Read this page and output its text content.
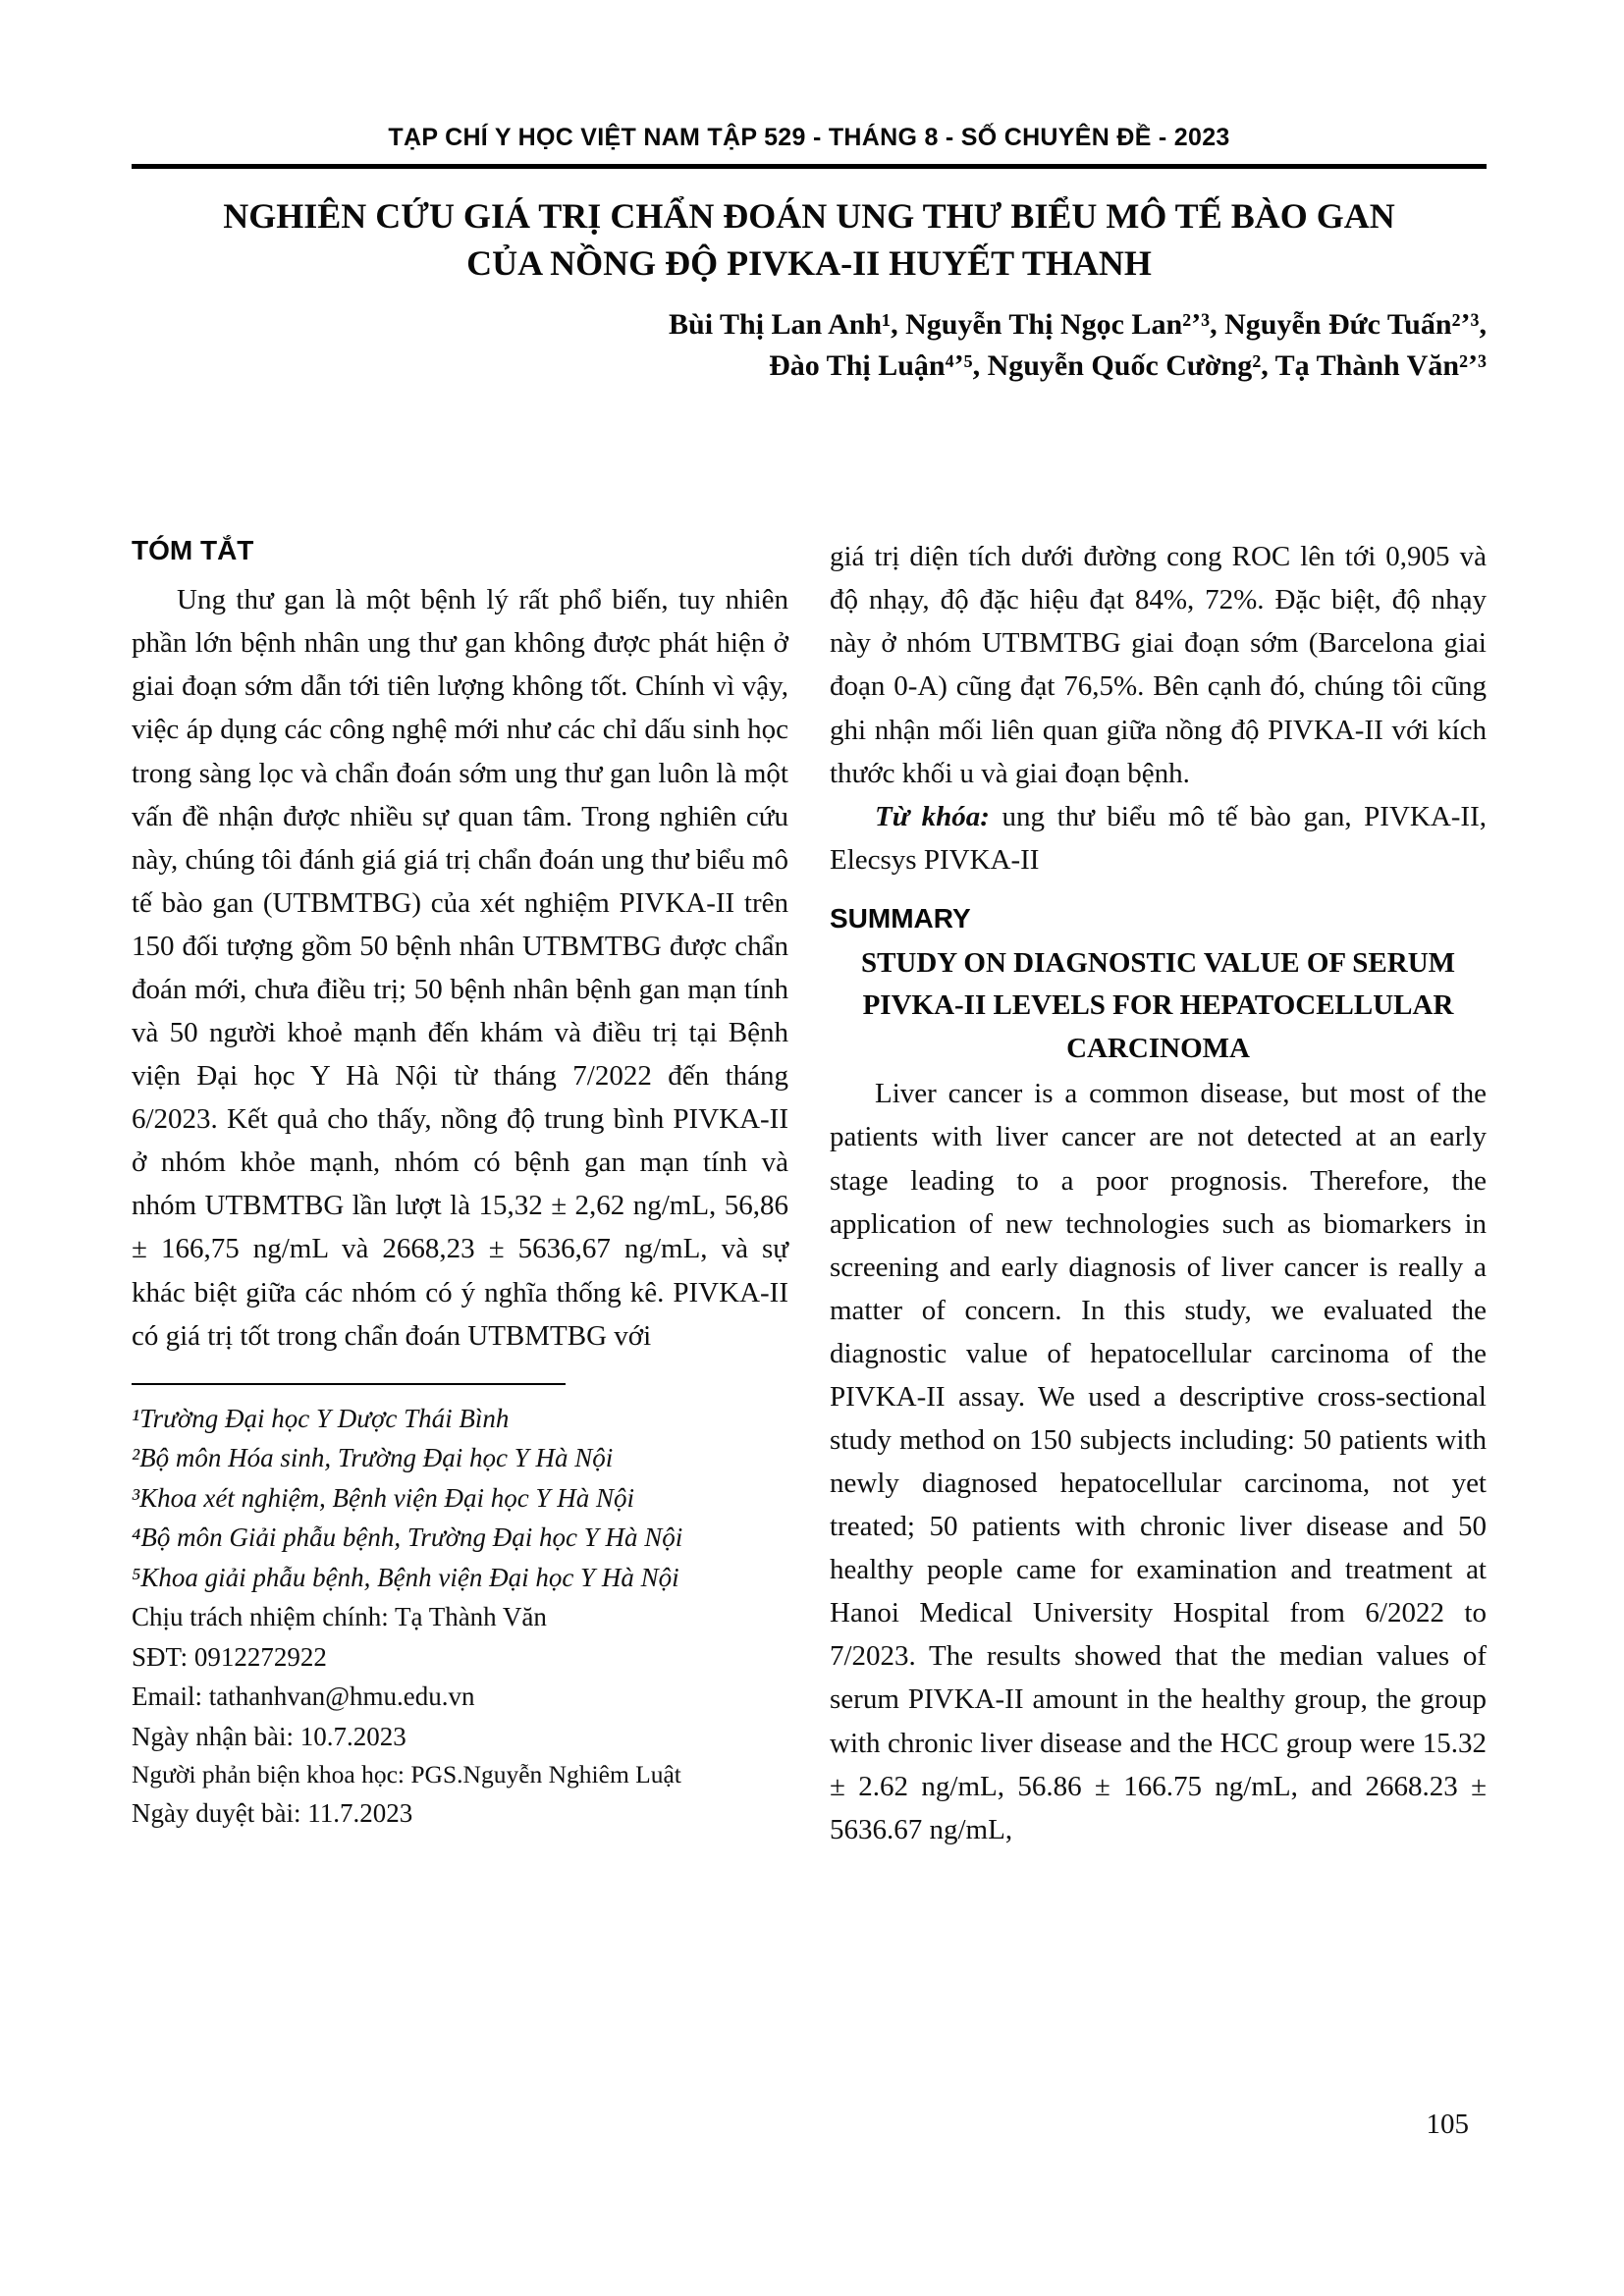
TẠP CHÍ Y HỌC VIỆT NAM TẬP 529 - THÁNG 8 - SỐ CHUYÊN ĐỀ - 2023
NGHIÊN CỨU GIÁ TRỊ CHẨN ĐOÁN UNG THƯ BIỂU MÔ TẾ BÀO GAN
CỦA NỒNG ĐỘ PIVKA-II HUYẾT THANH
Bùi Thị Lan Anh¹, Nguyễn Thị Ngọc Lan²ʼ³, Nguyễn Đức Tuấn²ʼ³,
Đào Thị Luận⁴ʼ⁵, Nguyễn Quốc Cường², Tạ Thành Văn²ʼ³
TÓM TẮT

Ung thư gan là một bệnh lý rất phổ biến, tuy nhiên phần lớn bệnh nhân ung thư gan không được phát hiện ở giai đoạn sớm dẫn tới tiên lượng không tốt. Chính vì vậy, việc áp dụng các công nghệ mới như các chỉ dấu sinh học trong sàng lọc và chẩn đoán sớm ung thư gan luôn là một vấn đề nhận được nhiều sự quan tâm. Trong nghiên cứu này, chúng tôi đánh giá giá trị chẩn đoán ung thư biểu mô tế bào gan (UTBMTBG) của xét nghiệm PIVKA-II trên 150 đối tượng gồm 50 bệnh nhân UTBMTBG được chẩn đoán mới, chưa điều trị; 50 bệnh nhân bệnh gan mạn tính và 50 người khoẻ mạnh đến khám và điều trị tại Bệnh viện Đại học Y Hà Nội từ tháng 7/2022 đến tháng 6/2023. Kết quả cho thấy, nồng độ trung bình PIVKA-II ở nhóm khỏe mạnh, nhóm có bệnh gan mạn tính và nhóm UTBMTBG lần lượt là 15,32 ± 2,62 ng/mL, 56,86 ± 166,75 ng/mL và 2668,23 ± 5636,67 ng/mL, và sự khác biệt giữa các nhóm có ý nghĩa thống kê. PIVKA-II có giá trị tốt trong chẩn đoán UTBMTBG với

¹Trường Đại học Y Dược Thái Bình
²Bộ môn Hóa sinh, Trường Đại học Y Hà Nội
³Khoa xét nghiệm, Bệnh viện Đại học Y Hà Nội
⁴Bộ môn Giải phẫu bệnh, Trường Đại học Y Hà Nội
⁵Khoa giải phẫu bệnh, Bệnh viện Đại học Y Hà Nội
Chịu trách nhiệm chính: Tạ Thành Văn
SĐT: 0912272922
Email: tathanhvan@hmu.edu.vn
Ngày nhận bài: 10.7.2023
Người phản biện khoa học: PGS.Nguyễn Nghiêm Luật
Ngày duyệt bài: 11.7.2023

giá trị diện tích dưới đường cong ROC lên tới 0,905 và độ nhạy, độ đặc hiệu đạt 84%, 72%. Đặc biệt, độ nhạy này ở nhóm UTBMTBG giai đoạn sớm (Barcelona giai đoạn 0-A) cũng đạt 76,5%. Bên cạnh đó, chúng tôi cũng ghi nhận mối liên quan giữa nồng độ PIVKA-II với kích thước khối u và giai đoạn bệnh.

Từ khóa: ung thư biểu mô tế bào gan, PIVKA-II, Elecsys PIVKA-II

SUMMARY
STUDY ON DIAGNOSTIC VALUE OF SERUM PIVKA-II LEVELS FOR HEPATOCELLULAR CARCINOMA

Liver cancer is a common disease, but most of the patients with liver cancer are not detected at an early stage leading to a poor prognosis. Therefore, the application of new technologies such as biomarkers in screening and early diagnosis of liver cancer is really a matter of concern. In this study, we evaluated the diagnostic value of hepatocellular carcinoma of the PIVKA-II assay. We used a descriptive cross-sectional study method on 150 subjects including: 50 patients with newly diagnosed hepatocellular carcinoma, not yet treated; 50 patients with chronic liver disease and 50 healthy people came for examination and treatment at Hanoi Medical University Hospital from 6/2022 to 7/2023. The results showed that the median values of serum PIVKA-II amount in the healthy group, the group with chronic liver disease and the HCC group were 15.32 ± 2.62 ng/mL, 56.86 ± 166.75 ng/mL, and 2668.23 ± 5636.67 ng/mL,

105
